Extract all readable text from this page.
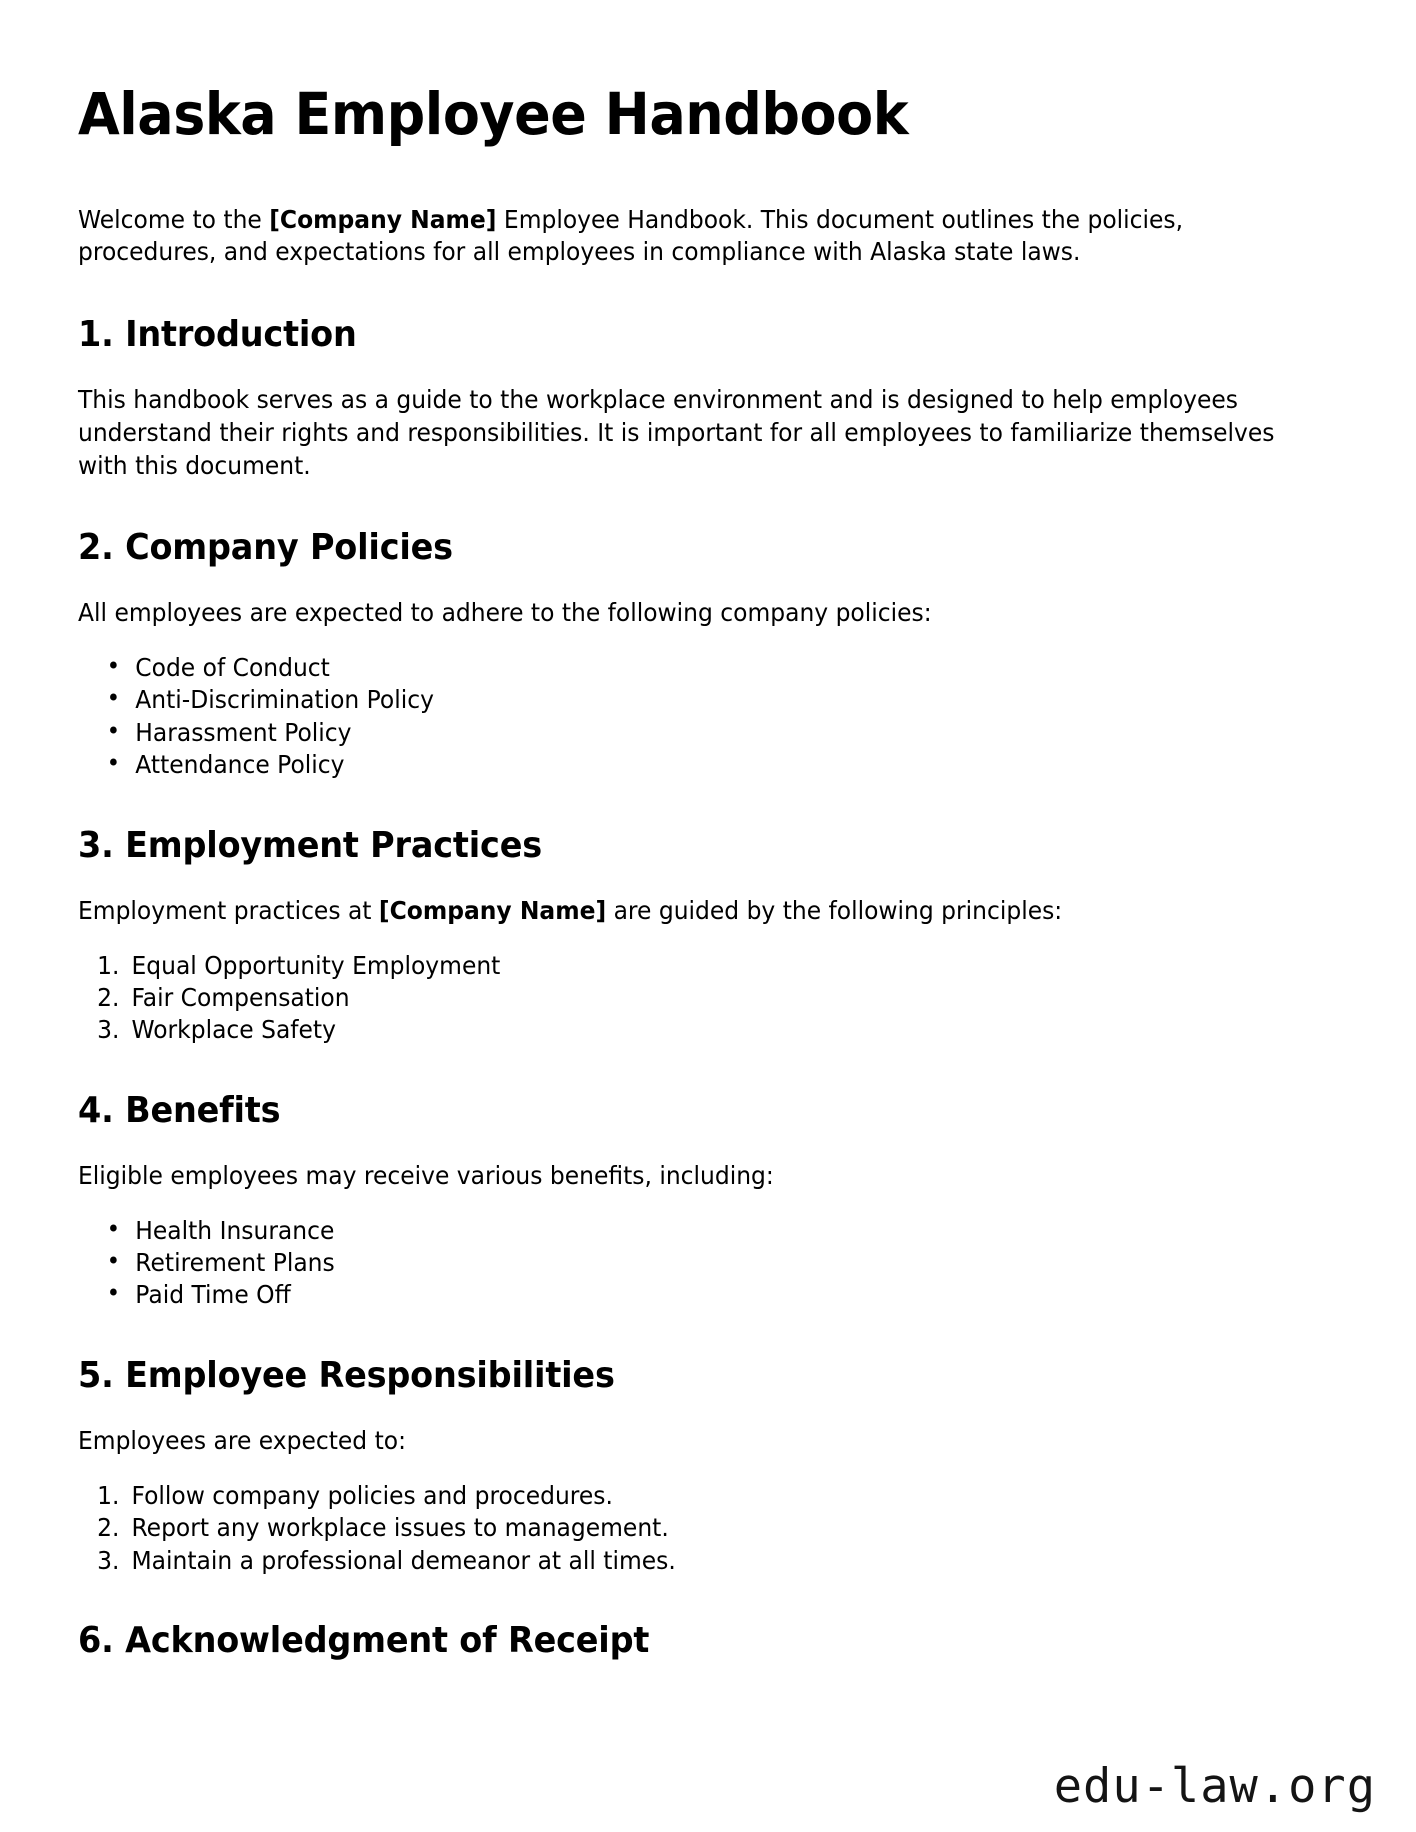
Alaska Employee Handbook

Welcome to the [Company Name] Employee Handbook. This document outlines the policies, procedures, and expectations for all employees in compliance with Alaska state laws.

1. Introduction

This handbook serves as a guide to the workplace environment and is designed to help employees understand their rights and responsibilities. It is important for all employees to familiarize themselves with this document.

2. Company Policies

All employees are expected to adhere to the following company policies:

• Code of Conduct
• Anti-Discrimination Policy
• Harassment Policy
• Attendance Policy
3. Employment Practices

Employment practices at [Company Name] are guided by the following principles:

Equal Opportunity Employment
Fair Compensation
Workplace Safety
4. Benefits

Eligible employees may receive various benefits, including:

• Health Insurance
• Retirement Plans
• Paid Time Off
5. Employee Responsibilities

Employees are expected to:

Follow company policies and procedures.
Report any workplace issues to management.
Maintain a professional demeanor at all times.
6. Acknowledgment of Receipt
edu-law.org
